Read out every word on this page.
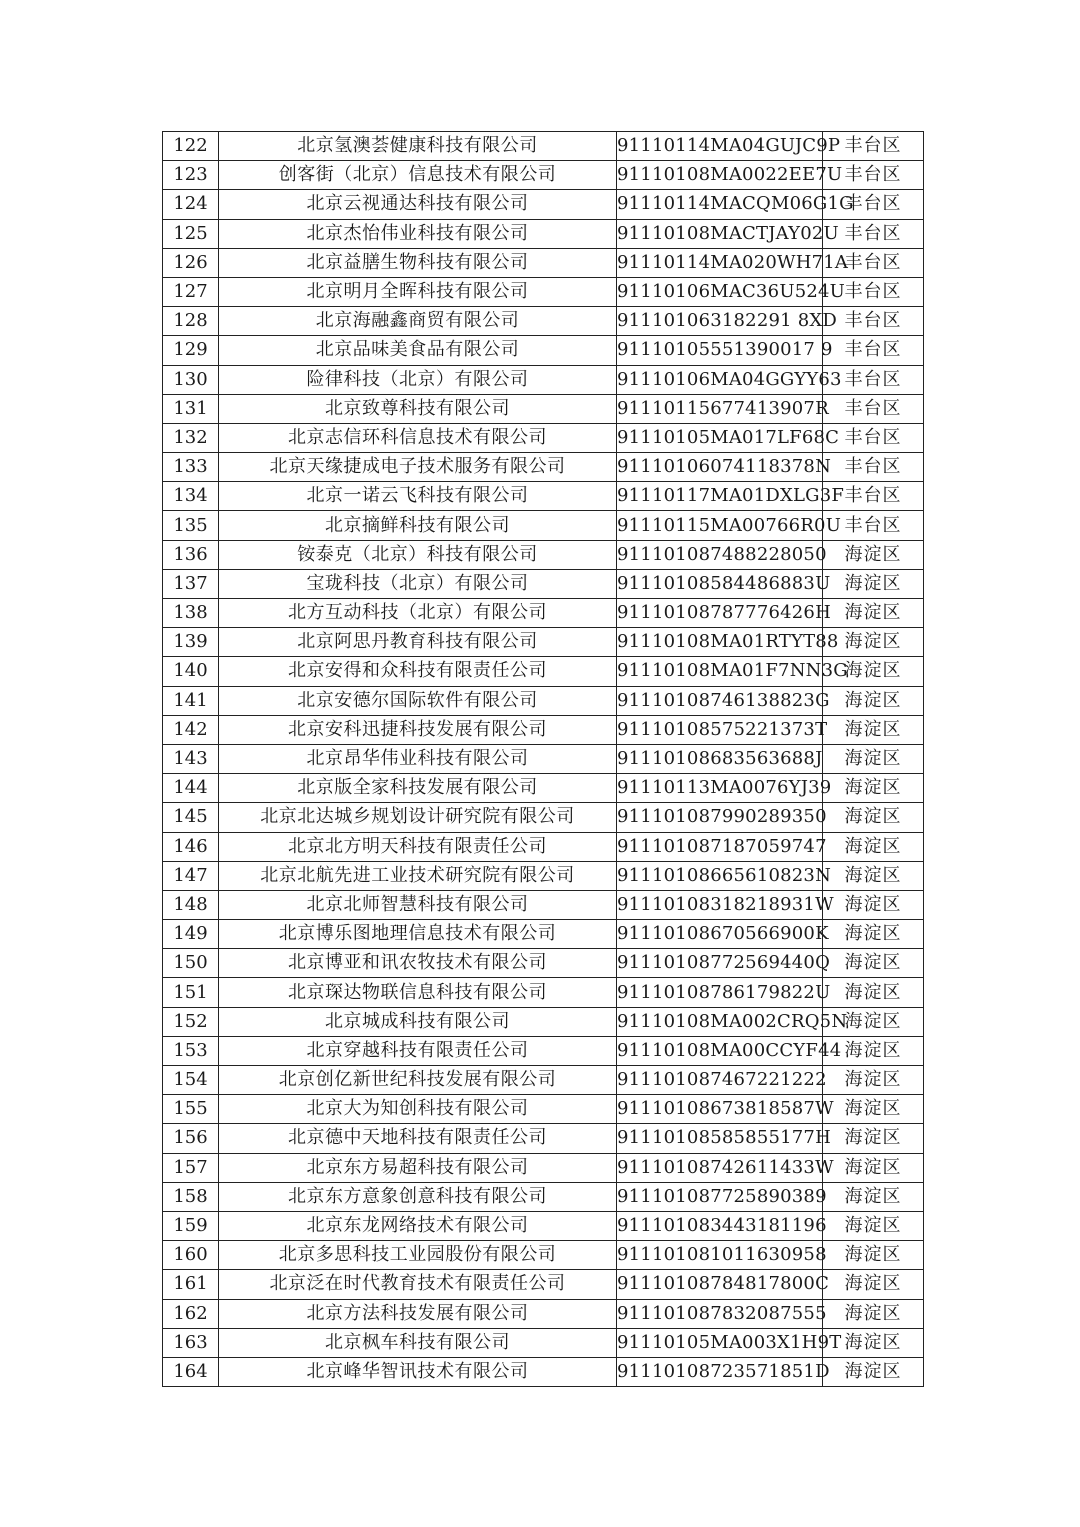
122	北京氢澳荟健康科技有限公司	91110114MA04GUJC9P	丰台区
123	创客街（北京）信息技术有限公司	91110108MA0022EE7U	丰台区
124	北京云视通达科技有限公司	91110114MACQM06G1G	丰台区
125	北京杰怡伟业科技有限公司	91110108MACTJAY02U	丰台区
126	北京益膳生物科技有限公司	91110114MA020WH71A	丰台区
127	北京明月全晖科技有限公司	91110106MAC36U524U	丰台区
128	北京海融鑫商贸有限公司	911101063182291 8XD	丰台区
129	北京品味美食品有限公司	91110105551390017 9	丰台区
130	险律科技（北京）有限公司	91110106MA04GGYY63	丰台区
131	北京致尊科技有限公司	91110115677413907R	丰台区
132	北京志信环科信息技术有限公司	91110105MA017LF68C	丰台区
133	北京天缘捷成电子技术服务有限公司	91110106074118378N	丰台区
134	北京一诺云飞科技有限公司	91110117MA01DXLG3F	丰台区
135	北京摘鲜科技有限公司	91110115MA00766R0U	丰台区
136	铵泰克（北京）科技有限公司	911101087488228050	海淀区
137	宝珑科技（北京）有限公司	91110108584486883U	海淀区
138	北方互动科技（北京）有限公司	91110108787776426H	海淀区
139	北京阿思丹教育科技有限公司	91110108MA01RTYT88	海淀区
140	北京安得和众科技有限责任公司	91110108MA01F7NN3G	海淀区
141	北京安德尔国际软件有限公司	91110108746138823G	海淀区
142	北京安科迅捷科技发展有限公司	91110108575221373T	海淀区
143	北京昂华伟业科技有限公司	91110108683563688J	海淀区
144	北京版全家科技发展有限公司	91110113MA0076YJ39	海淀区
145	北京北达城乡规划设计研究院有限公司	911101087990289350	海淀区
146	北京北方明天科技有限责任公司	911101087187059747	海淀区
147	北京北航先进工业技术研究院有限公司	91110108665610823N	海淀区
148	北京北师智慧科技有限公司	91110108318218931W	海淀区
149	北京博乐图地理信息技术有限公司	91110108670566900K	海淀区
150	北京博亚和讯农牧技术有限公司	91110108772569440Q	海淀区
151	北京琛达物联信息科技有限公司	91110108786179822U	海淀区
152	北京城成科技有限公司	91110108MA002CRQ5N	海淀区
153	北京穿越科技有限责任公司	91110108MA00CCYF44	海淀区
154	北京创亿新世纪科技发展有限公司	911101087467221222	海淀区
155	北京大为知创科技有限公司	91110108673818587W	海淀区
156	北京德中天地科技有限责任公司	91110108585855177H	海淀区
157	北京东方易超科技有限公司	91110108742611433W	海淀区
158	北京东方意象创意科技有限公司	911101087725890389	海淀区
159	北京东龙网络技术有限公司	911101083443181196	海淀区
160	北京多思科技工业园股份有限公司	911101081011630958	海淀区
161	北京泛在时代教育技术有限责任公司	91110108784817800C	海淀区
162	北京方法科技发展有限公司	911101087832087555	海淀区
163	北京枫车科技有限公司	91110105MA003X1H9T	海淀区
164	北京峰华智讯技术有限公司	91110108723571851D	海淀区
